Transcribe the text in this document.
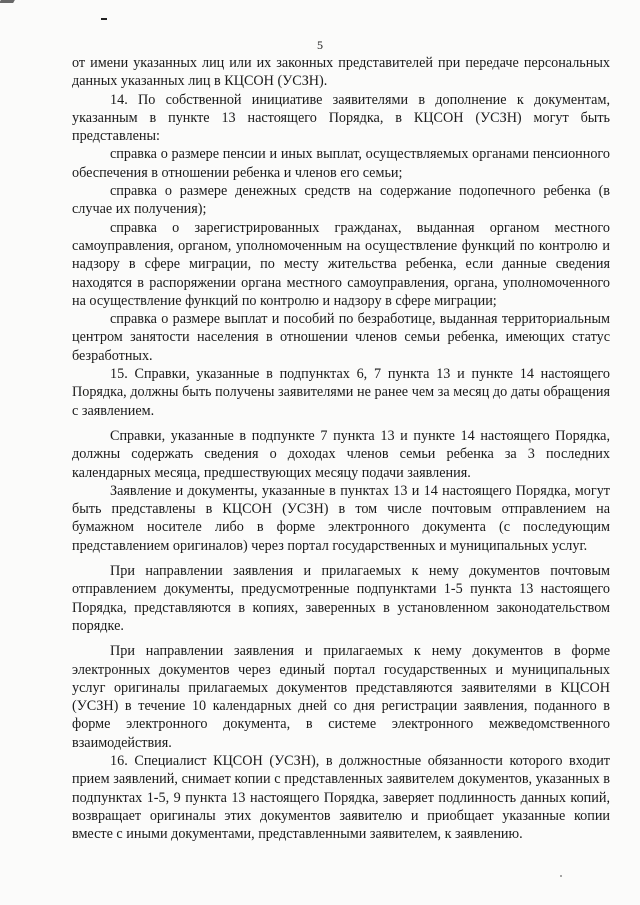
5

от имени указанных лиц или их законных представителей при передаче персональных данных указанных лиц в КЦСОН (УСЗН).

14. По собственной инициативе заявителями в дополнение к документам, указанным в пункте 13 настоящего Порядка, в КЦСОН (УСЗН) могут быть представлены:

справка о размере пенсии и иных выплат, осуществляемых органами пенсионного обеспечения в отношении ребенка и членов его семьи;

справка о размере денежных средств на содержание подопечного ребенка (в случае их получения);

справка о зарегистрированных гражданах, выданная органом местного самоуправления, органом, уполномоченным на осуществление функций по контролю и надзору в сфере миграции, по месту жительства ребенка, если данные сведения находятся в распоряжении органа местного самоуправления, органа, уполномоченного на осуществление функций по контролю и надзору в сфере миграции;

справка о размере выплат и пособий по безработице, выданная территориальным центром занятости населения в отношении членов семьи ребенка, имеющих статус безработных.

15. Справки, указанные в подпунктах 6, 7 пункта 13 и пункте 14 настоящего Порядка, должны быть получены заявителями не ранее чем за месяц до даты обращения с заявлением.

Справки, указанные в подпункте 7 пункта 13 и пункте 14 настоящего Порядка, должны содержать сведения о доходах членов семьи ребенка за 3 последних календарных месяца, предшествующих месяцу подачи заявления.

Заявление и документы, указанные в пунктах 13 и 14 настоящего Порядка, могут быть представлены в КЦСОН (УСЗН) в том числе почтовым отправлением на бумажном носителе либо в форме электронного документа (с последующим представлением оригиналов) через портал государственных и муниципальных услуг.

При направлении заявления и прилагаемых к нему документов почтовым отправлением документы, предусмотренные подпунктами 1-5 пункта 13 настоящего Порядка, представляются в копиях, заверенных в установленном законодательством порядке.

При направлении заявления и прилагаемых к нему документов в форме электронных документов через единый портал государственных и муниципальных услуг оригиналы прилагаемых документов представляются заявителями в КЦСОН (УСЗН) в течение 10 календарных дней со дня регистрации заявления, поданного в форме электронного документа, в системе электронного межведомственного взаимодействия.

16. Специалист КЦСОН (УСЗН), в должностные обязанности которого входит прием заявлений, снимает копии с представленных заявителем документов, указанных в подпунктах 1-5, 9 пункта 13 настоящего Порядка, заверяет подлинность данных копий, возвращает оригиналы этих документов заявителю и приобщает указанные копии вместе с иными документами, представленными заявителем, к заявлению.
